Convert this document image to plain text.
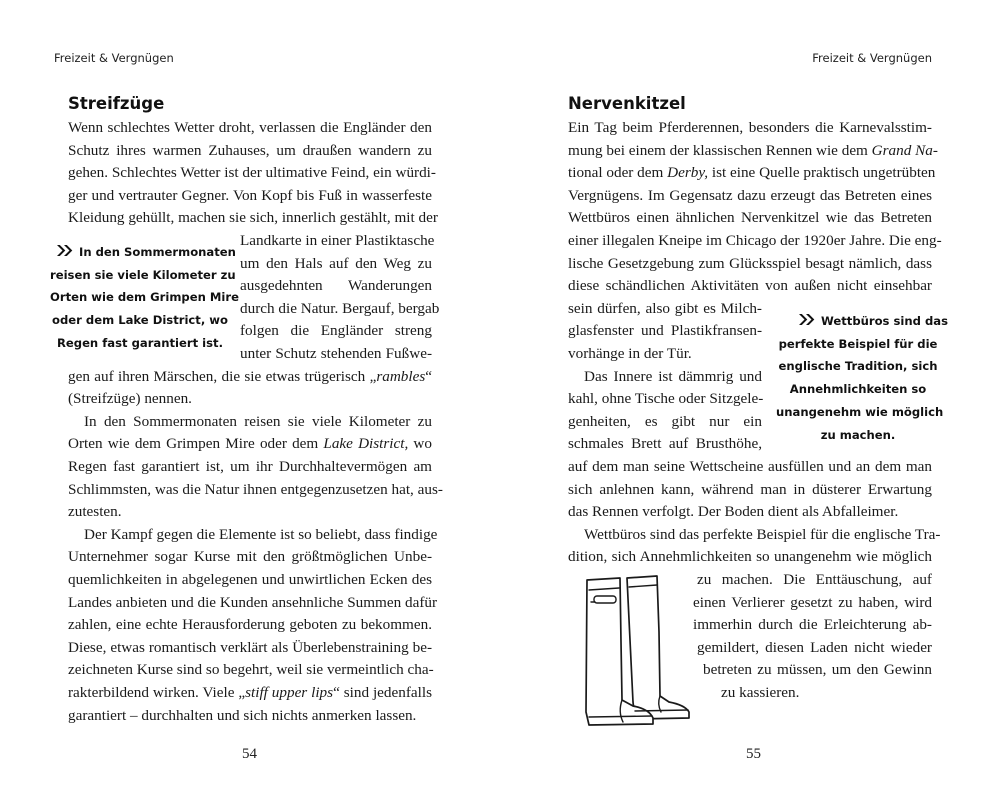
Freizeit & Vergnügen
Streifzüge
Wenn schlechtes Wetter droht, verlassen die Engländer den
Schutz ihres warmen Zuhauses, um draußen wandern zu
gehen. Schlechtes Wetter ist der ultimative Feind, ein würdi-
ger und vertrauter Gegner. Von Kopf bis Fuß in wasserfeste
Kleidung gehüllt, machen sie sich, innerlich gestählt, mit der
Landkarte in einer Plastiktasche
um den Hals auf den Weg zu
ausgedehnten Wanderungen
durch die Natur. Bergauf, bergab
folgen die Engländer streng
unter Schutz stehenden Fußwe-
gen auf ihren Märschen, die sie etwas trügerisch „rambles“
(Streifzüge) nennen.
In den Sommermonaten reisen sie viele Kilometer zu
Orten wie dem Grimpen Mire oder dem Lake District, wo
Regen fast garantiert ist, um ihr Durchhaltevermögen am
Schlimmsten, was die Natur ihnen entgegenzusetzen hat, aus-
zutesten.
Der Kampf gegen die Elemente ist so beliebt, dass findige
Unternehmer sogar Kurse mit den größtmöglichen Unbe-
quemlichkeiten in abgelegenen und unwirtlichen Ecken des
Landes anbieten und die Kunden ansehnliche Summen dafür
zahlen, eine echte Herausforderung geboten zu bekommen.
Diese, etwas romantisch verklärt als Überlebenstraining be-
zeichneten Kurse sind so begehrt, weil sie vermeintlich cha-
rakterbildend wirken. Viele „stiff upper lips“ sind jedenfalls
garantiert – durchhalten und sich nichts anmerken lassen.
In den Sommermonaten
reisen sie viele Kilometer zu
Orten wie dem Grimpen Mire
oder dem Lake District, wo
Regen fast garantiert ist.
54
Freizeit & Vergnügen
Nervenkitzel
Ein Tag beim Pferderennen, besonders die Karnevalsstim-
mung bei einem der klassischen Rennen wie dem Grand Na-
tional oder dem Derby, ist eine Quelle praktisch ungetrübten
Vergnügens. Im Gegensatz dazu erzeugt das Betreten eines
Wettbüros einen ähnlichen Nervenkitzel wie das Betreten
einer illegalen Kneipe im Chicago der 1920er Jahre. Die eng-
lische Gesetzgebung zum Glücksspiel besagt nämlich, dass
diese schändlichen Aktivitäten von außen nicht einsehbar
sein dürfen, also gibt es Milch-
glasfenster und Plastikfransen-
vorhänge in der Tür.
Das Innere ist dämmrig und
kahl, ohne Tische oder Sitzgele-
genheiten, es gibt nur ein
schmales Brett auf Brusthöhe,
auf dem man seine Wettscheine ausfüllen und an dem man
sich anlehnen kann, während man in düsterer Erwartung
das Rennen verfolgt. Der Boden dient als Abfalleimer.
Wettbüros sind das perfekte Beispiel für die englische Tra-
dition, sich Annehmlichkeiten so unangenehm wie möglich
zu machen. Die Enttäuschung, auf
einen Verlierer gesetzt zu haben, wird
immerhin durch die Erleichterung ab-
gemildert, diesen Laden nicht wieder
betreten zu müssen, um den Gewinn
zu kassieren.
Wettbüros sind das
perfekte Beispiel für die
englische Tradition, sich
Annehmlichkeiten so
unangenehm wie möglich
zu machen.
55
